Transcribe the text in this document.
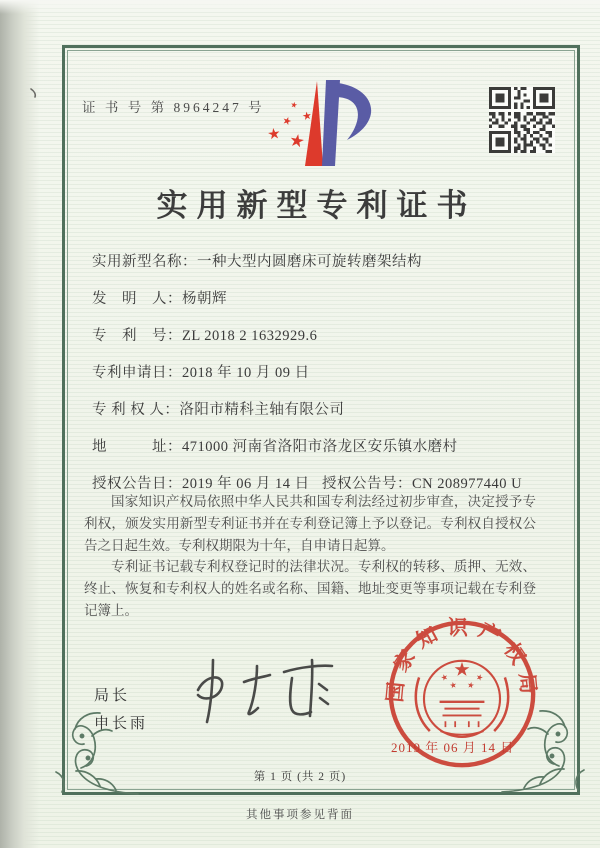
证 书 号 第 8964247 号
实用新型专利证书
实用新型名称：一种大型内圆磨床可旋转磨架结构
发　明　人：杨朝辉
专　利　号：ZL 2018 2 1632929.6
专利申请日：2018 年 10 月 09 日
专 利 权 人：洛阳市精科主轴有限公司
地　　　址：471000 河南省洛阳市洛龙区安乐镇水磨村
授权公告日：2019 年 06 月 14 日 授权公告号：CN 208977440 U

国家知识产权局依照中华人民共和国专利法经过初步审查，决定授予专利权，颁发实用新型专利证书并在专利登记簿上予以登记。专利权自授权公告之日起生效。专利权期限为十年，自申请日起算。

专利证书记载专利权登记时的法律状况。专利权的转移、质押、无效、终止、恢复和专利权人的姓名或名称、国籍、地址变更等事项记载在专利登记簿上。

局长
申长雨
国家知识产权局
2019 年 06 月 14 日
第 1 页 (共 2 页)
其他事项参见背面
